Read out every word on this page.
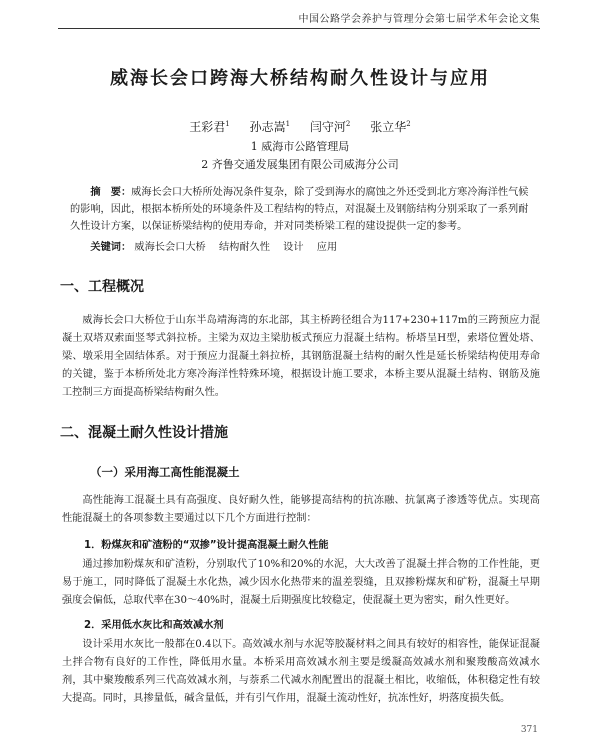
中国公路学会养护与管理分会第七届学术年会论文集
威海长会口跨海大桥结构耐久性设计与应用
王彩君$^1$ 孙志嵩$^1$ 闫守河$^2$ 张立华$^2$
1 威海市公路管理局
2 齐鲁交通发展集团有限公司威海分公司
摘　要：威海长会口大桥所处海况条件复杂，除了受到海水的腐蚀之外还受到北方寒冷海洋性气候的影响，因此，根据本桥所处的环境条件及工程结构的特点，对混凝土及钢筋结构分别采取了一系列耐久性设计方案，以保证桥梁结构的使用寿命，并对同类桥梁工程的建设提供一定的参考。
关键词： 威海长会口大桥 结构耐久性 设计 应用
一、工程概况
威海长会口大桥位于山东半岛靖海湾的东北部，其主桥跨径组合为117+230+117m的三跨预应力混凝土双塔双索面竖琴式斜拉桥。主梁为双边主梁肋板式预应力混凝土结构。桥塔呈H型，索塔位置处塔、梁、墩采用全固结体系。对于预应力混凝土斜拉桥，其钢筋混凝土结构的耐久性是延长桥梁结构使用寿命的关键，鉴于本桥所处北方寒冷海洋性特殊环境，根据设计施工要求，本桥主要从混凝土结构、钢筋及施工控制三方面提高桥梁结构耐久性。
二、混凝土耐久性设计措施
（一）采用海工高性能混凝土
高性能海工混凝土具有高强度、良好耐久性，能够提高结构的抗冻融、抗氯离子渗透等优点。实现高性能混凝土的各项参数主要通过以下几个方面进行控制：
1．粉煤灰和矿渣粉的“双掺”设计提高混凝土耐久性能
通过掺加粉煤灰和矿渣粉，分别取代了10%和20%的水泥，大大改善了混凝土拌合物的工作性能，更易于施工，同时降低了混凝土水化热，减少因水化热带来的温差裂缝，且双掺粉煤灰和矿粉，混凝土早期强度会偏低，总取代率在30～40%时，混凝土后期强度比较稳定，使混凝土更为密实，耐久性更好。
2．采用低水灰比和高效减水剂
设计采用水灰比一般都在0.4以下。高效减水剂与水泥等胶凝材料之间具有较好的相容性，能保证混凝土拌合物有良好的工作性，降低用水量。本桥采用高效减水剂主要是缓凝高效减水剂和聚羧酸高效减水剂，其中聚羧酸系列三代高效减水剂，与萘系二代减水剂配置出的混凝土相比，收缩低，体积稳定性有较大提高。同时，具掺量低，碱含量低，并有引气作用，混凝土流动性好，抗冻性好，坍落度损失低。
371
